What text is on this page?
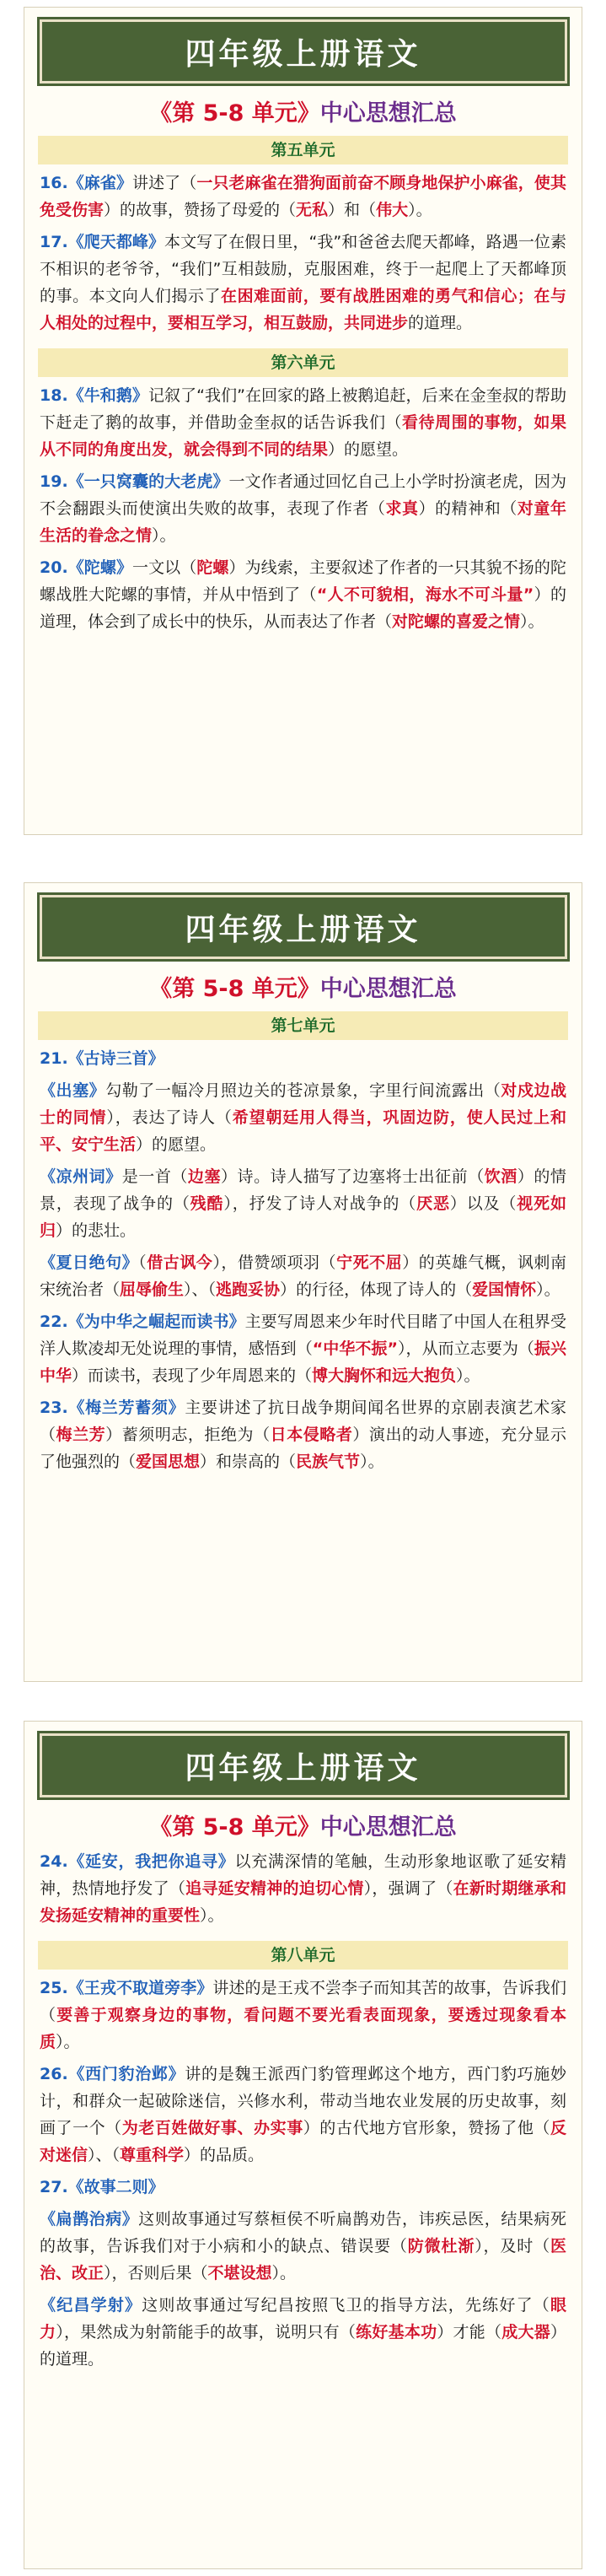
四年级上册语文
《第 5-8 单元》中心思想汇总
第五单元
16.《麻雀》讲述了（一只老麻雀在猎狗面前奋不顾身地保护小麻雀，使其免受伤害）的故事，赞扬了母爱的（无私）和（伟大）。
17.《爬天都峰》本文写了在假日里，“我”和爸爸去爬天都峰，路遇一位素不相识的老爷爷，“我们”互相鼓励，克服困难，终于一起爬上了天都峰顶的事。本文向人们揭示了在困难面前，要有战胜困难的勇气和信心；在与人相处的过程中，要相互学习，相互鼓励，共同进步的道理。
第六单元
18.《牛和鹅》记叙了“我们”在回家的路上被鹅追赶，后来在金奎叔的帮助下赶走了鹅的故事，并借助金奎叔的话告诉我们（看待周围的事物，如果从不同的角度出发，就会得到不同的结果）的愿望。
19.《一只窝囊的大老虎》一文作者通过回忆自己上小学时扮演老虎，因为不会翻跟头而使演出失败的故事，表现了作者（求真）的精神和（对童年生活的眷念之情）。
20.《陀螺》一文以（陀螺）为线索，主要叙述了作者的一只其貌不扬的陀螺战胜大陀螺的事情，并从中悟到了（“人不可貌相，海水不可斗量”）的道理，体会到了成长中的快乐，从而表达了作者（对陀螺的喜爱之情）。
四年级上册语文
《第 5-8 单元》中心思想汇总
第七单元
21.《古诗三首》
《出塞》勾勒了一幅冷月照边关的苍凉景象，字里行间流露出（对戍边战士的同情），表达了诗人（希望朝廷用人得当，巩固边防，使人民过上和平、安宁生活）的愿望。
《凉州词》是一首（边塞）诗。诗人描写了边塞将士出征前（饮酒）的情景，表现了战争的（残酷），抒发了诗人对战争的（厌恶）以及（视死如归）的悲壮。
《夏日绝句》（借古讽今），借赞颂项羽（宁死不屈）的英雄气概，讽刺南宋统治者（屈辱偷生）、（逃跑妥协）的行径，体现了诗人的（爱国情怀）。
22.《为中华之崛起而读书》主要写周恩来少年时代目睹了中国人在租界受洋人欺凌却无处说理的事情，感悟到（“中华不振”），从而立志要为（振兴中华）而读书，表现了少年周恩来的（博大胸怀和远大抱负）。
23.《梅兰芳蓄须》主要讲述了抗日战争期间闻名世界的京剧表演艺术家（梅兰芳）蓄须明志，拒绝为（日本侵略者）演出的动人事迹，充分显示了他强烈的（爱国思想）和崇高的（民族气节）。
四年级上册语文
《第 5-8 单元》中心思想汇总
24.《延安，我把你追寻》以充满深情的笔触，生动形象地讴歌了延安精神，热情地抒发了（追寻延安精神的迫切心情），强调了（在新时期继承和发扬延安精神的重要性）。
第八单元
25.《王戎不取道旁李》讲述的是王戎不尝李子而知其苦的故事，告诉我们（要善于观察身边的事物，看问题不要光看表面现象，要透过现象看本质）。
26.《西门豹治邺》讲的是魏王派西门豹管理邺这个地方，西门豹巧施妙计，和群众一起破除迷信，兴修水利，带动当地农业发展的历史故事，刻画了一个（为老百姓做好事、办实事）的古代地方官形象，赞扬了他（反对迷信）、（尊重科学）的品质。
27.《故事二则》
《扁鹊治病》这则故事通过写蔡桓侯不听扁鹊劝告，讳疾忌医，结果病死的故事，告诉我们对于小病和小的缺点、错误要（防微杜渐），及时（医治、改正），否则后果（不堪设想）。
《纪昌学射》这则故事通过写纪昌按照飞卫的指导方法，先练好了（眼力），果然成为射箭能手的故事，说明只有（练好基本功）才能（成大器）的道理。
